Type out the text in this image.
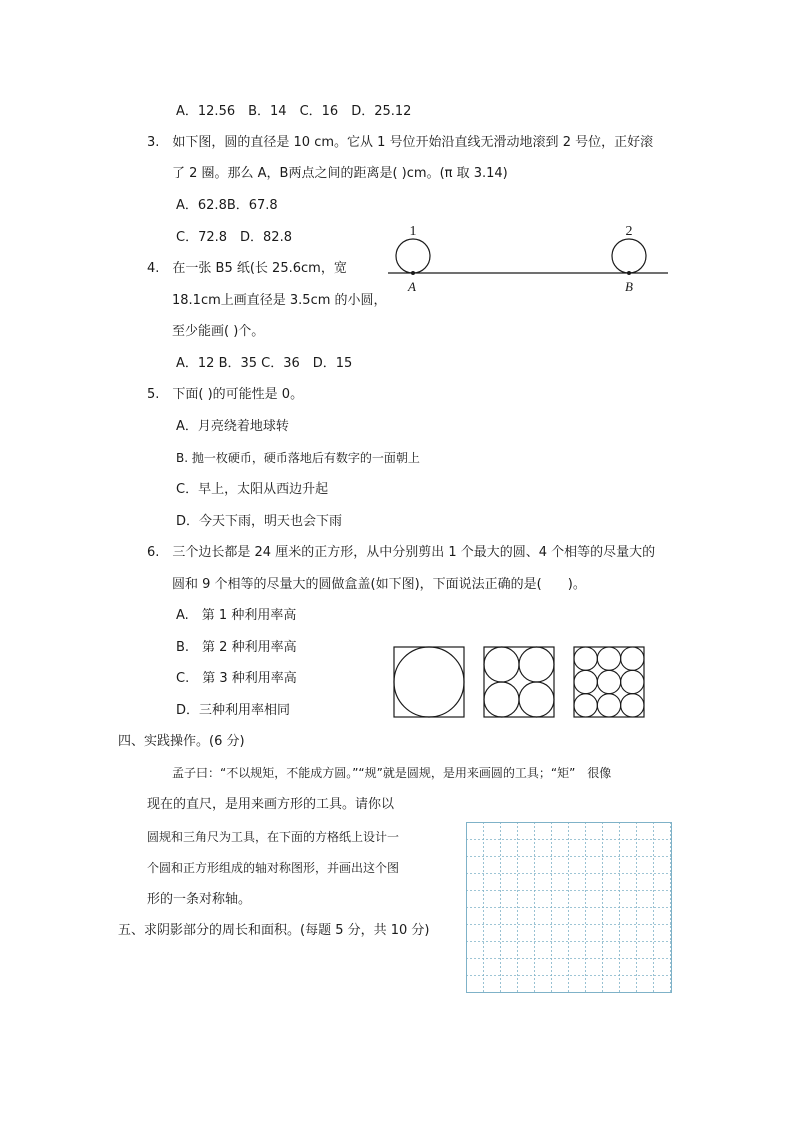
A．12.56　B．14　C．16　D．25.12
3.　如下图，圆的直径是 10 cm。它从 1 号位开始沿直线无滑动地滚到 2 号位，正好滚
了 2 圈。那么 A，B两点之间的距离是( )cm。(π 取 3.14)
A．62.8B．67.8
C．72.8　D．82.8	1	2
A	B
4.　在一张 B5 纸(长 25.6cm，宽
18.1cm上画直径是 3.5cm 的小圆，
至少能画( )个。
A．12 B．35 C．36　D．15
5.　下面( )的可能性是 0。
A．月亮绕着地球转
B. 抛一枚硬币，硬币落地后有数字的一面朝上
C．早上，太阳从西边升起
D．今天下雨，明天也会下雨
6.　三个边长都是 24 厘米的正方形，从中分别剪出 1 个最大的圆、4 个相等的尽量大的
圆和 9 个相等的尽量大的圆做盒盖(如下图)，下面说法正确的是(　　)。
A.　第 1 种利用率高
B.　第 2 种利用率高
C.　第 3 种利用率高
D．三种利用率相同
四、实践操作。(6 分)
孟子曰：“不以规矩，不能成方圆。”“规”就是圆规，是用来画圆的工具；“矩”　很像
现在的直尺，是用来画方形的工具。请你以
圆规和三角尺为工具，在下面的方格纸上设计一
个圆和正方形组成的轴对称图形，并画出这个图
形的一条对称轴。
五、求阴影部分的周长和面积。(每题 5 分，共 10 分)
